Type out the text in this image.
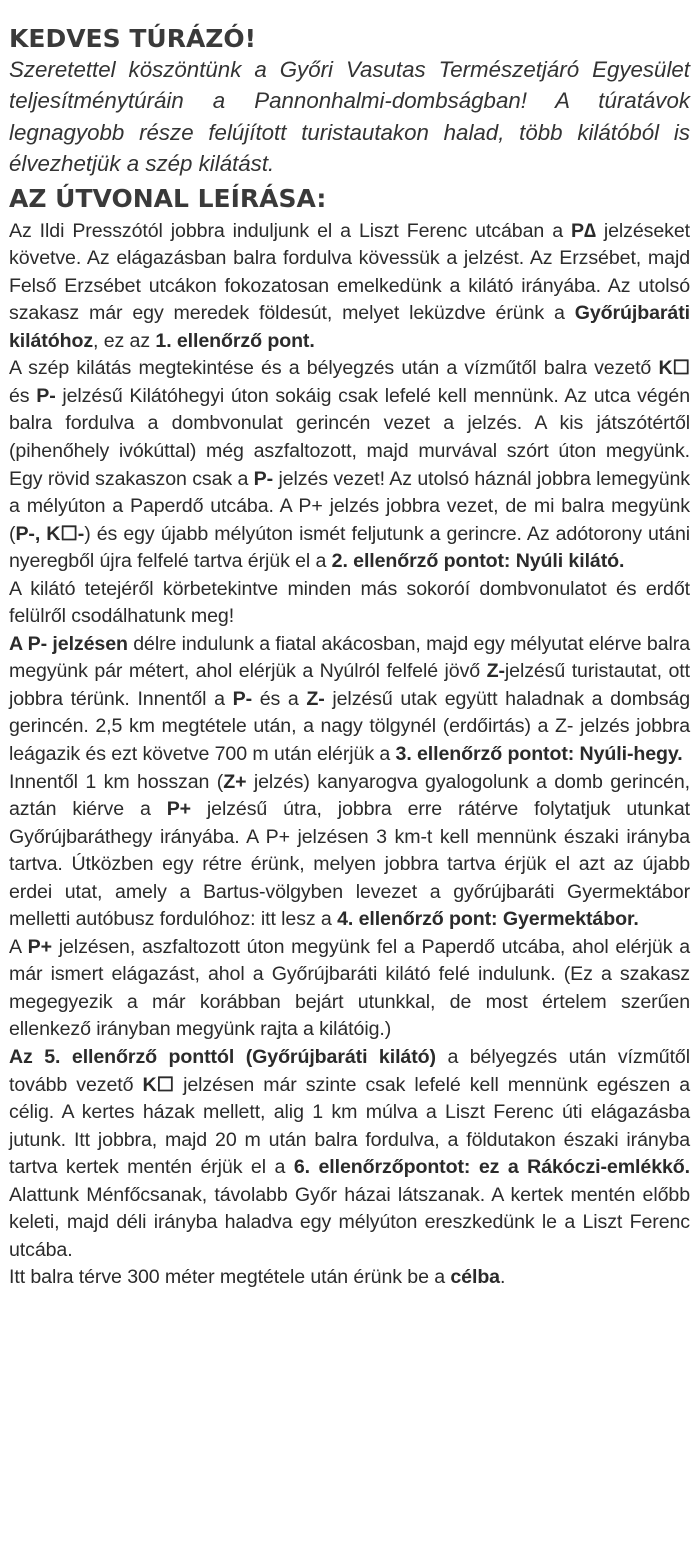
KEDVES TÚRÁZÓ!

Szeretettel köszöntünk a Győri Vasutas Természetjáró Egyesület teljesítménytúráin a Pannonhalmi-dombságban! A túratávok legnagyobb része felújított turistautakon halad, több kilátóból is élvezhetjük a szép kilátást.

AZ ÚTVONAL LEÍRÁSA:

Az Ildi Presszótól jobbra induljunk el a Liszt Ferenc utcában a P∆ jelzéseket követve. Az elágazásban balra fordulva kövessük a jelzést. Az Erzsébet, majd Felső Erzsébet utcákon fokozatosan emelkedünk a kilátó irányába. Az utolsó szakasz már egy meredek földesút, melyet leküzdve érünk a Győrújbaráti kilátóhoz, ez az 1. ellenőrző pont.

A szép kilátás megtekintése és a bélyegzés után a vízműtől balra vezető K☐ és P- jelzésű Kilátóhegyi úton sokáig csak lefelé kell mennünk. Az utca végén balra fordulva a dombvonulat gerincén vezet a jelzés. A kis játszótértől (pihenőhely ivókúttal) még aszfaltozott, majd murvával szórt úton megyünk. Egy rövid szakaszon csak a P- jelzés vezet! Az utolsó háznál jobbra lemegyünk a mélyúton a Paperdő utcába. A P+ jelzés jobbra vezet, de mi balra megyünk (P-, K☐-) és egy újabb mélyúton ismét feljutunk a gerincre. Az adótorony utáni nyeregből újra felfelé tartva érjük el a 2. ellenőrző pontot: Nyúli kilátó.

A kilátó tetejéről körbetekintve minden más sokoróí dombvonulatot és erdőt felülről csodálhatunk meg!

A P- jelzésen délre indulunk a fiatal akácosban, majd egy mélyutat elérve balra megyünk pár métert, ahol elérjük a Nyúlról felfelé jövő Z-jelzésű turistautat, ott jobbra térünk. Innentől a P- és a Z- jelzésű utak együtt haladnak a dombság gerincén. 2,5 km megtétele után, a nagy tölgynél (erdőirtás) a Z- jelzés jobbra leágazik és ezt követve 700 m után elérjük a 3. ellenőrző pontot: Nyúli-hegy.

Innentől 1 km hosszan (Z+ jelzés) kanyarogva gyalogolunk a domb gerincén, aztán kiérve a P+ jelzésű útra, jobbra erre rátérve folytatjuk utunkat Győrújbaráthegy irányába. A P+ jelzésen 3 km-t kell mennünk északi irányba tartva. Útközben egy rétre érünk, melyen jobbra tartva érjük el azt az újabb erdei utat, amely a Bartus-völgyben levezet a győrújbaráti Gyermektábor melletti autóbusz fordulóhoz: itt lesz a 4. ellenőrző pont: Gyermektábor.

A P+ jelzésen, aszfaltozott úton megyünk fel a Paperdő utcába, ahol elérjük a már ismert elágazást, ahol a Győrújbaráti kilátó felé indulunk. (Ez a szakasz megegyezik a már korábban bejárt utunkkal, de most értelem szerűen ellenkező irányban megyünk rajta a kilátóig.)

Az 5. ellenőrző ponttól (Győrújbaráti kilátó) a bélyegzés után vízműtől tovább vezető K☐ jelzésen már szinte csak lefelé kell mennünk egészen a célig. A kertes házak mellett, alig 1 km múlva a Liszt Ferenc úti elágazásba jutunk. Itt jobbra, majd 20 m után balra fordulva, a földutakon északi irányba tartva kertek mentén érjük el a 6. ellenőrzőpontot: ez a Rákóczi-emlékkő. Alattunk Ménfőcsanak, távolabb Győr házai látszanak. A kertek mentén előbb keleti, majd déli irányba haladva egy mélyúton ereszkedünk le a Liszt Ferenc utcába.

Itt balra térve 300 méter megtétele után érünk be a célba.
